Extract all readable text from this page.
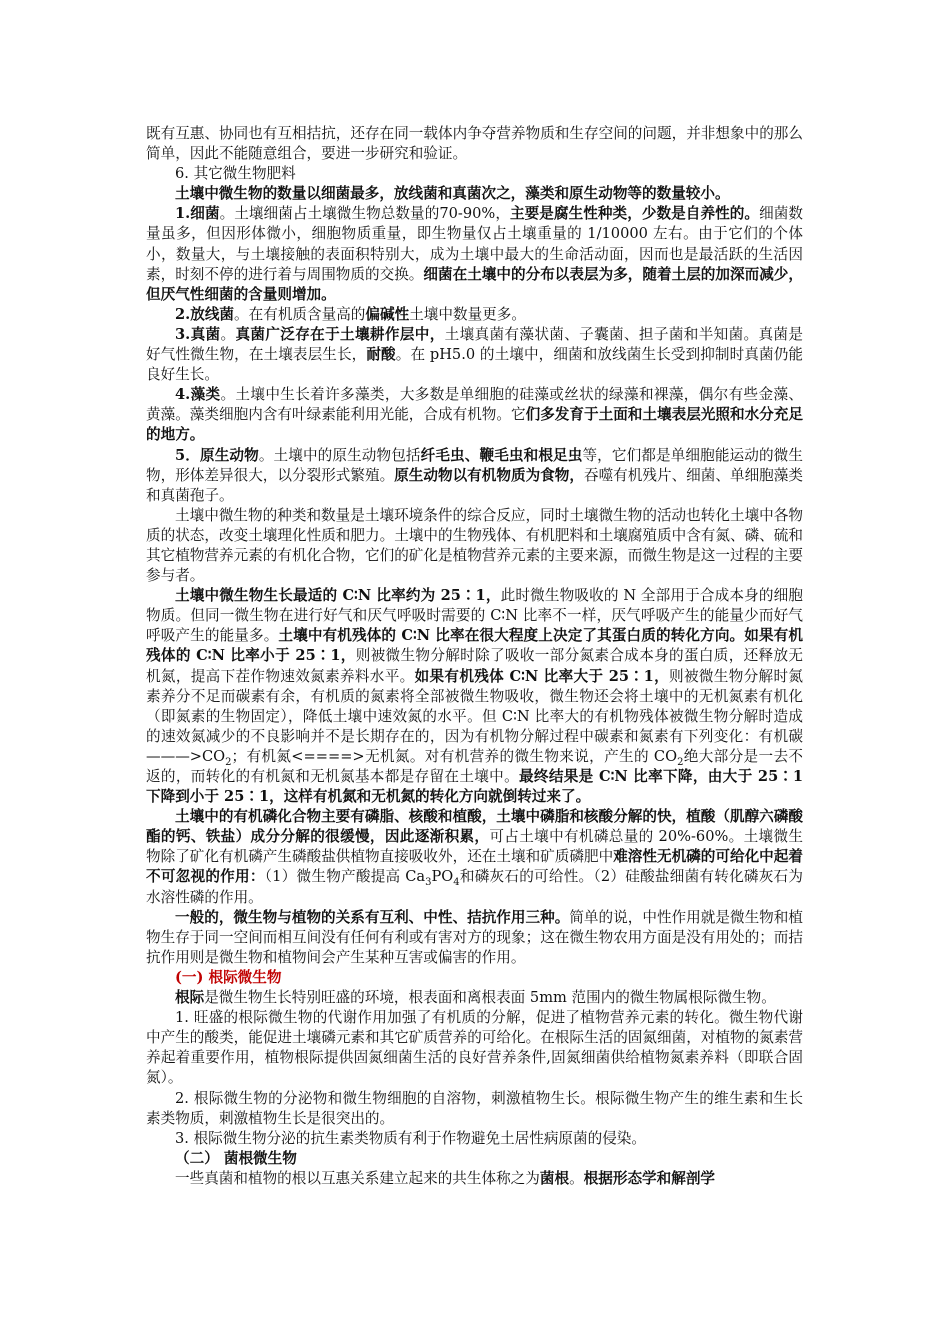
既有互惠、协同也有互相拮抗，还存在同一载体内争夺营养物质和生存空间的问题，并非想象中的那么简单，因此不能随意组合，要进一步研究和验证。

6. 其它微生物肥料

土壤中微生物的数量以细菌最多，放线菌和真菌次之，藻类和原生动物等的数量较小。

1.细菌。土壤细菌占土壤微生物总数量的70-90%，主要是腐生性种类，少数是自养性的。细菌数量虽多，但因形体微小，细胞物质重量，即生物量仅占土壤重量的 1/10000 左右。由于它们的个体小，数量大，与土壤接触的表面积特别大，成为土壤中最大的生命活动面，因而也是最活跃的生活因素，时刻不停的进行着与周围物质的交换。细菌在土壤中的分布以表层为多，随着土层的加深而减少，但厌气性细菌的含量则增加。

2.放线菌。在有机质含量高的偏碱性土壤中数量更多。

3.真菌。真菌广泛存在于土壤耕作层中，土壤真菌有藻状菌、子囊菌、担子菌和半知菌。真菌是好气性微生物，在土壤表层生长，耐酸。在 pH5.0 的土壤中，细菌和放线菌生长受到抑制时真菌仍能良好生长。

4.藻类。土壤中生长着许多藻类，大多数是单细胞的硅藻或丝状的绿藻和裸藻，偶尔有些金藻、黄藻。藻类细胞内含有叶绿素能利用光能，合成有机物。它们多发育于土面和土壤表层光照和水分充足的地方。

5．原生动物。土壤中的原生动物包括纤毛虫、鞭毛虫和根足虫等，它们都是单细胞能运动的微生物，形体差异很大，以分裂形式繁殖。原生动物以有机物质为食物，吞噬有机残片、细菌、单细胞藻类和真菌孢子。

土壤中微生物的种类和数量是土壤环境条件的综合反应，同时土壤微生物的活动也转化土壤中各物质的状态，改变土壤理化性质和肥力。土壤中的生物残体、有机肥料和土壤腐殖质中含有氮、磷、硫和其它植物营养元素的有机化合物，它们的矿化是植物营养元素的主要来源，而微生物是这一过程的主要参与者。

土壤中微生物生长最适的 C∶N 比率约为 25∶1，此时微生物吸收的 N 全部用于合成本身的细胞物质。但同一微生物在进行好气和厌气呼吸时需要的 C∶N 比率不一样，厌气呼吸产生的能量少而好气呼吸产生的能量多。土壤中有机残体的 C∶N 比率在很大程度上决定了其蛋白质的转化方向。如果有机残体的 C∶N 比率小于 25∶1，则被微生物分解时除了吸收一部分氮素合成本身的蛋白质，还释放无机氮，提高下茬作物速效氮素养料水平。如果有机残体 C∶N 比率大于 25∶1，则被微生物分解时氮素养分不足而碳素有余，有机质的氮素将全部被微生物吸收，微生物还会将土壤中的无机氮素有机化（即氮素的生物固定），降低土壤中速效氮的水平。但 C∶N 比率大的有机物残体被微生物分解时造成的速效氮减少的不良影响并不是长期存在的，因为有机物分解过程中碳素和氮素有下列变化：有机碳$———>CO_2$；有机氮<====>无机氮。对有机营养的微生物来说，产生的 $CO_2$绝大部分是一去不返的，而转化的有机氮和无机氮基本都是存留在土壤中。最终结果是 C∶N 比率下降，由大于 25∶1 下降到小于 25∶1，这样有机氮和无机氮的转化方向就倒转过来了。

土壤中的有机磷化合物主要有磷脂、核酸和植酸，土壤中磷脂和核酸分解的快，植酸（肌醇六磷酸酯的钙、铁盐）成分分解的很缓慢，因此逐渐积累，可占土壤中有机磷总量的 20%-60%。土壤微生物除了矿化有机磷产生磷酸盐供植物直接吸收外，还在土壤和矿质磷肥中难溶性无机磷的可给化中起着不可忽视的作用：（1）微生物产酸提高 $Ca_3PO_4$和磷灰石的可给性。（2）硅酸盐细菌有转化磷灰石为水溶性磷的作用。

一般的，微生物与植物的关系有互利、中性、拮抗作用三种。简单的说，中性作用就是微生物和植物生存于同一空间而相互间没有任何有利或有害对方的现象；这在微生物农用方面是没有用处的；而拮抗作用则是微生物和植物间会产生某种互害或偏害的作用。

(一) 根际微生物

根际是微生物生长特别旺盛的环境，根表面和离根表面 5mm 范围内的微生物属根际微生物。

1. 旺盛的根际微生物的代谢作用加强了有机质的分解，促进了植物营养元素的转化。微生物代谢中产生的酸类，能促进土壤磷元素和其它矿质营养的可给化。在根际生活的固氮细菌，对植物的氮素营养起着重要作用，植物根际提供固氮细菌生活的良好营养条件,固氮细菌供给植物氮素养料（即联合固氮）。

2. 根际微生物的分泌物和微生物细胞的自溶物，刺激植物生长。根际微生物产生的维生素和生长素类物质，刺激植物生长是很突出的。

3. 根际微生物分泌的抗生素类物质有利于作物避免土居性病原菌的侵染。

（二） 菌根微生物

一些真菌和植物的根以互惠关系建立起来的共生体称之为菌根。根据形态学和解剖学
